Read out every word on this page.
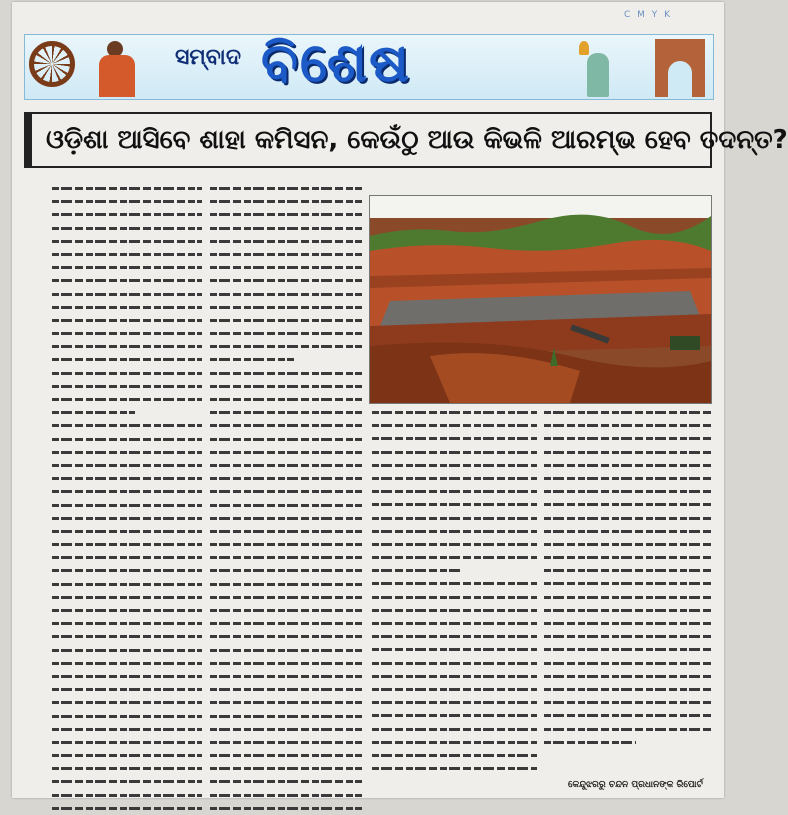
C M Y K
ସମ୍ବାଦ ବିଶେଷ
ଓଡ଼ିଶା ଆସିବେ ଶାହା କମିସନ, କେଉଁଠୁ ଆଉ କିଭଳି ଆରମ୍ଭ ହେବ ତଦନ୍ତ?
କେନ୍ଦୁଝରରୁ ଚନ୍ଦନ ପ୍ରଧାନଙ୍କ ରିପୋର୍ଟ
